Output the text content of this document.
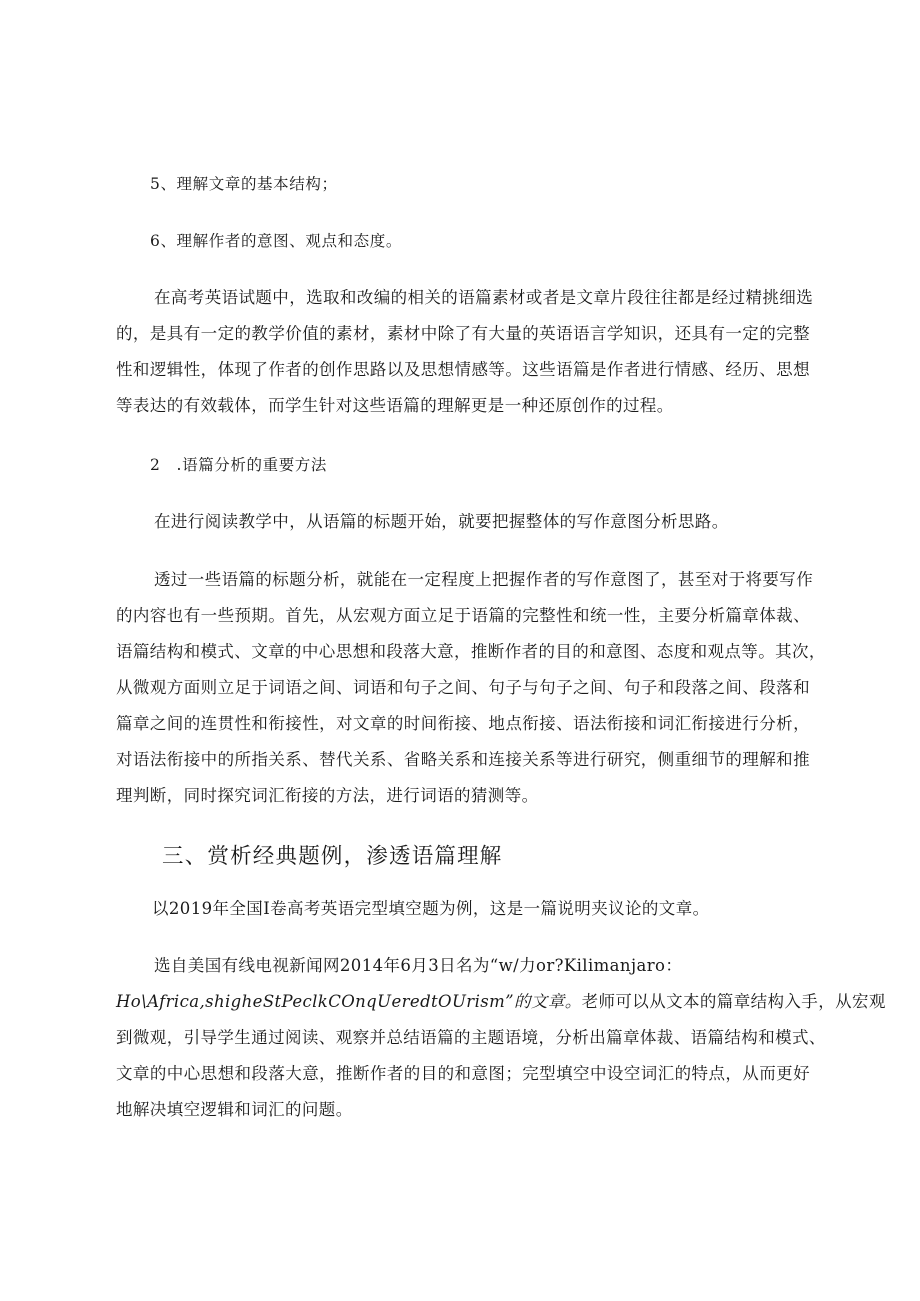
5、理解文章的基本结构；
6、理解作者的意图、观点和态度。
在高考英语试题中，选取和改编的相关的语篇素材或者是文章片段往往都是经过精挑细选
的，是具有一定的教学价值的素材，素材中除了有大量的英语语言学知识，还具有一定的完整
性和逻辑性，体现了作者的创作思路以及思想情感等。这些语篇是作者进行情感、经历、思想
等表达的有效载体，而学生针对这些语篇的理解更是一种还原创作的过程。
2 .语篇分析的重要方法
在进行阅读教学中，从语篇的标题开始，就要把握整体的写作意图分析思路。
透过一些语篇的标题分析，就能在一定程度上把握作者的写作意图了，甚至对于将要写作
的内容也有一些预期。首先，从宏观方面立足于语篇的完整性和统一性，主要分析篇章体裁、
语篇结构和模式、文章的中心思想和段落大意，推断作者的目的和意图、态度和观点等。其次，
从微观方面则立足于词语之间、词语和句子之间、句子与句子之间、句子和段落之间、段落和
篇章之间的连贯性和衔接性，对文章的时间衔接、地点衔接、语法衔接和词汇衔接进行分析，
对语法衔接中的所指关系、替代关系、省略关系和连接关系等进行研究，侧重细节的理解和推
理判断，同时探究词汇衔接的方法，进行词语的猜测等。
三、赏析经典题例，渗透语篇理解
以2019年全国I卷高考英语完型填空题为例，这是一篇说明夹议论的文章。
选自美国有线电视新闻网2014年6月3日名为“w/力or?Kilimanjaro：
Ho\Africa,shigheStPeclkCOnqUeredtOUrism”的文章。老师可以从文本的篇章结构入手，从宏观
到微观，引导学生通过阅读、观察并总结语篇的主题语境，分析出篇章体裁、语篇结构和模式、
文章的中心思想和段落大意，推断作者的目的和意图；完型填空中设空词汇的特点，从而更好
地解决填空逻辑和词汇的问题。
